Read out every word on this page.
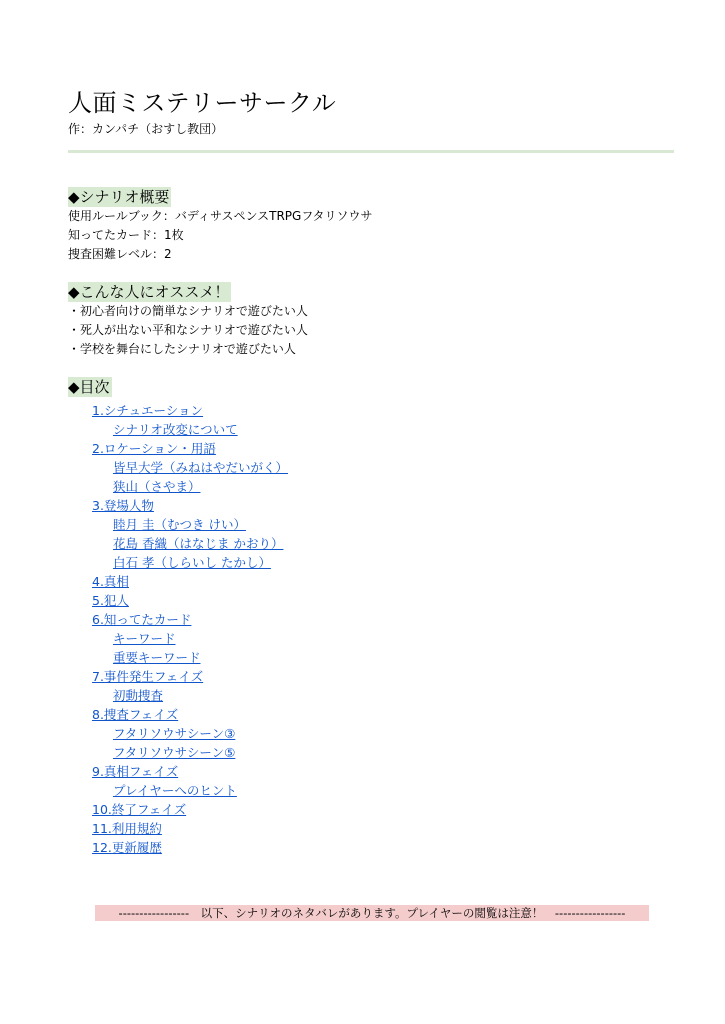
人面ミステリーサークル
作：カンパチ（おすし教団）
◆シナリオ概要
使用ルールブック：バディサスペンスTRPGフタリソウサ
知ってたカード：1枚
捜査困難レベル：2
◆こんな人にオススメ！
・初心者向けの簡単なシナリオで遊びたい人
・死人が出ない平和なシナリオで遊びたい人
・学校を舞台にしたシナリオで遊びたい人
◆目次
1.シチュエーション
シナリオ改変について
2.ロケーション・用語
皆早大学（みねはやだいがく）
狭山（さやま）
3.登場人物
睦月 圭（むつき けい）
花島 香織（はなじま かおり）
白石 孝（しらいし たかし）
4.真相
5.犯人
6.知ってたカード
キーワード
重要キーワード
7.事件発生フェイズ
初動捜査
8.捜査フェイズ
フタリソウサシーン③
フタリソウサシーン⑤
9.真相フェイズ
プレイヤーへのヒント
10.終了フェイズ
11.利用規約
12.更新履歴
-----------------　以下、シナリオのネタバレがあります。プレイヤーの閲覧は注意！　-----------------
